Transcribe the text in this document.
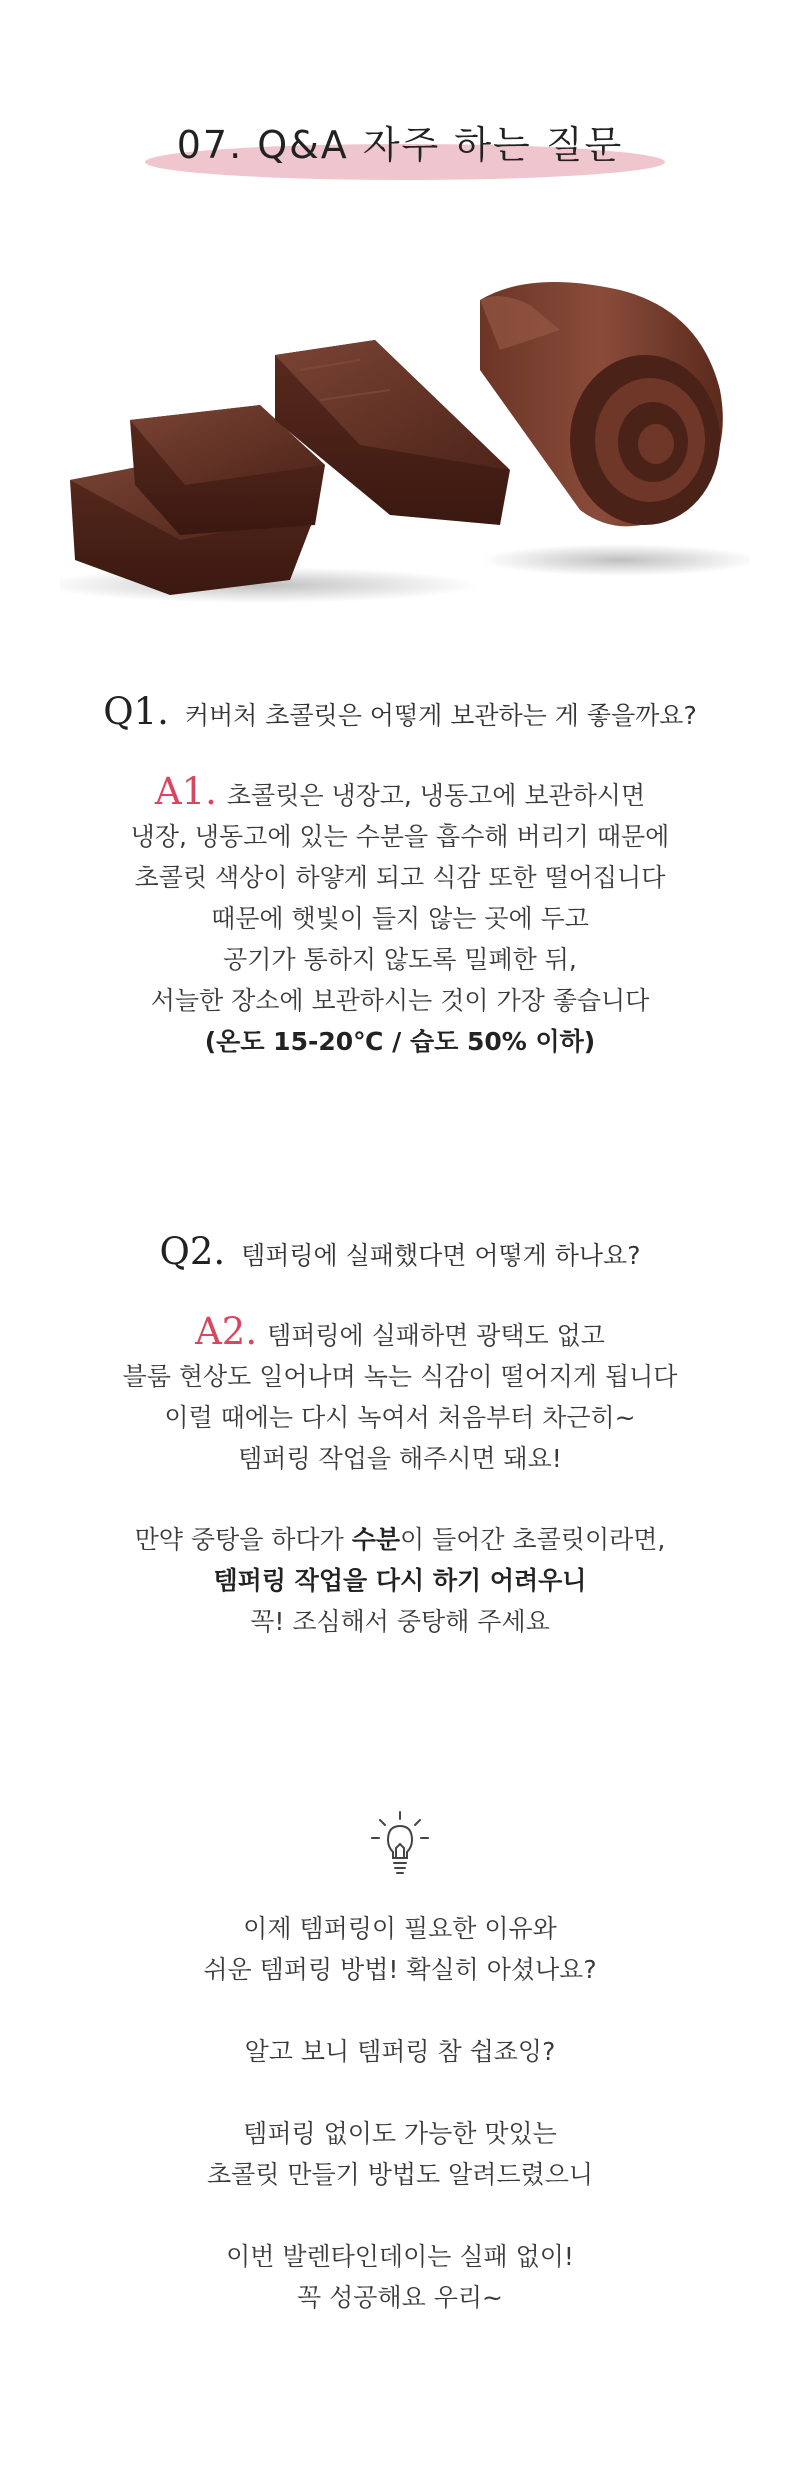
07. Q&A 자주 하는 질문
Q1. 커버처 초콜릿은 어떻게 보관하는 게 좋을까요?
A1. 초콜릿은 냉장고, 냉동고에 보관하시면
냉장, 냉동고에 있는 수분을 흡수해 버리기 때문에
초콜릿 색상이 하얗게 되고 식감 또한 떨어집니다
때문에 햇빛이 들지 않는 곳에 두고
공기가 통하지 않도록 밀폐한 뒤,
서늘한 장소에 보관하시는 것이 가장 좋습니다
(온도 15-20℃ / 습도 50% 이하)
Q2. 템퍼링에 실패했다면 어떻게 하나요?
A2. 템퍼링에 실패하면 광택도 없고
블룸 현상도 일어나며 녹는 식감이 떨어지게 됩니다
이럴 때에는 다시 녹여서 처음부터 차근히~
템퍼링 작업을 해주시면 돼요!
만약 중탕을 하다가 수분이 들어간 초콜릿이라면,
템퍼링 작업을 다시 하기 어려우니
꼭! 조심해서 중탕해 주세요
이제 템퍼링이 필요한 이유와
쉬운 템퍼링 방법! 확실히 아셨나요?
알고 보니 템퍼링 참 쉽죠잉?
템퍼링 없이도 가능한 맛있는
초콜릿 만들기 방법도 알려드렸으니
이번 발렌타인데이는 실패 없이!
꼭 성공해요 우리~
